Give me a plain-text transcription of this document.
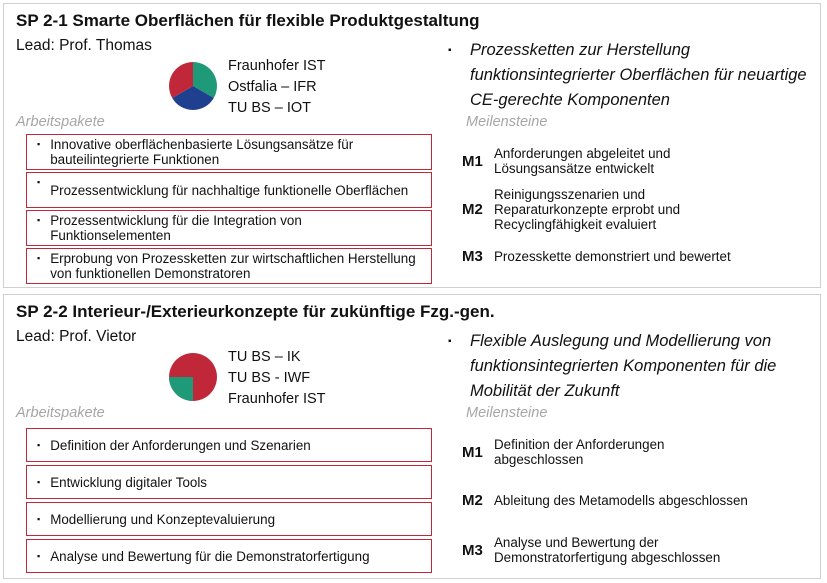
SP 2-1 Smarte Oberflächen für flexible Produktgestaltung
Lead: Prof. Thomas
Fraunhofer IST
Ostfalia – IFR
TU BS – IOT
Arbeitspakete
▪ Innovative oberflächenbasierte Lösungsansätze für bauteilintegrierte Funktionen
▪
Prozessentwicklung für nachhaltige funktionelle Oberflächen
▪ Prozessentwicklung für die Integration von Funktionselementen
▪ Erprobung von Prozessketten zur wirtschaftlichen Herstellung von funktionellen Demonstratoren
▪	Prozessketten zur Herstellung funktionsintegrierter Oberflächen für neuartige CE-gerechte Komponenten
Meilensteine
M1 Anforderungen abgeleitet und Lösungsansätze entwickelt
M2
Reinigungsszenarien und Reparaturkonzepte erprobt und Recyclingfähigkeit evaluiert
M3 Prozesskette demonstriert und bewertet
SP 2-2 Interieur-/Exterieurkonzepte für zukünftige Fzg.-gen.
Lead: Prof. Vietor
TU BS – IK
TU BS - IWF
Fraunhofer IST
Arbeitspakete
▪ Definition der Anforderungen und Szenarien
▪ Entwicklung digitaler Tools
▪ Modellierung und Konzeptevaluierung
▪ Analyse und Bewertung für die Demonstratorfertigung
▪	Flexible Auslegung und Modellierung von funktionsintegrierten Komponenten für die Mobilität der Zukunft
Meilensteine
M1 Definition der Anforderungen abgeschlossen
M2 Ableitung des Metamodells abgeschlossen
M3 Analyse und Bewertung der Demonstratorfertigung abgeschlossen
